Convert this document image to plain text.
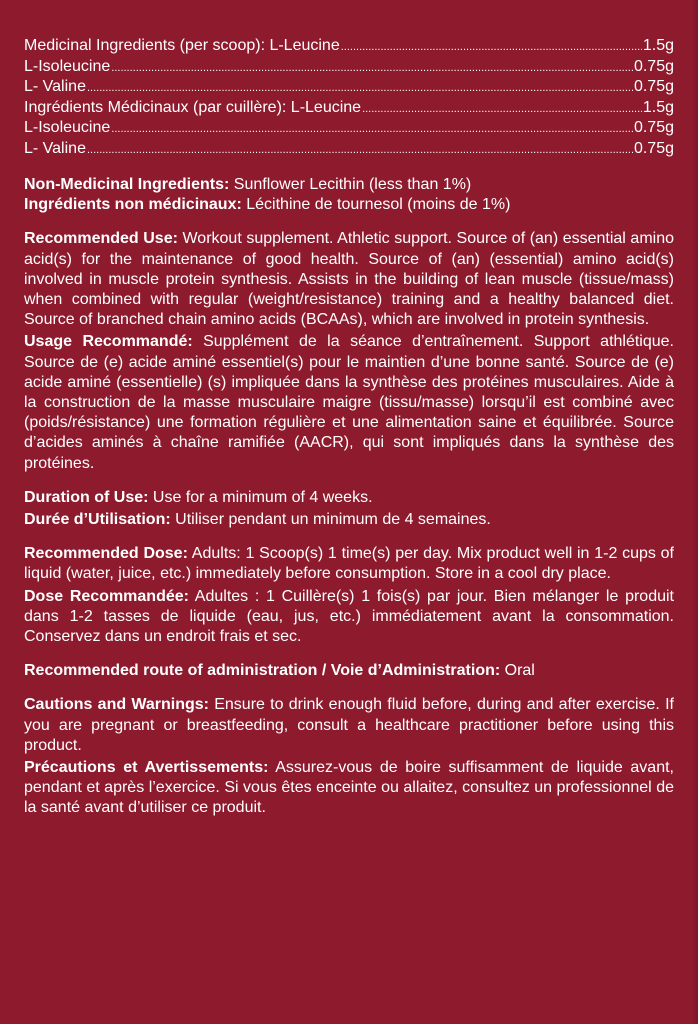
Medicinal Ingredients (per scoop): L-Leucine .....	1.5g
L-Isoleucine .....	0.75g
L- Valine .....	0.75g
Ingrédients Médicinaux (par cuillère): L-Leucine .....	1.5g
L-Isoleucine .....	0.75g
L- Valine .....	0.75g
Non-Medicinal Ingredients: Sunflower Lecithin (less than 1%)
Ingrédients non médicinaux: Lécithine de tournesol (moins de 1%)
Recommended Use: Workout supplement. Athletic support. Source of (an) essential amino acid(s) for the maintenance of good health. Source of (an) (essential) amino acid(s) involved in muscle protein synthesis. Assists in the building of lean muscle (tissue/mass) when combined with regular (weight/resistance) training and a healthy balanced diet. Source of branched chain amino acids (BCAAs), which are involved in protein synthesis.
Usage Recommandé: Supplément de la séance d’entraînement. Support athlétique. Source de (e) acide aminé essentiel(s) pour le maintien d’une bonne santé. Source de (e) acide aminé (essentielle) (s) impliquée dans la synthèse des protéines musculaires. Aide à la construction de la masse musculaire maigre (tissu/masse) lorsqu’il est combiné avec (poids/résistance) une formation régulière et une alimentation saine et équilibrée. Source d’acides aminés à chaîne ramifiée (AACR), qui sont impliqués dans la synthèse des protéines.
Duration of Use: Use for a minimum of 4 weeks.
Durée d’Utilisation: Utiliser pendant un minimum de 4 semaines.
Recommended Dose: Adults: 1 Scoop(s) 1 time(s) per day. Mix product well in 1-2 cups of liquid (water, juice, etc.) immediately before consumption. Store in a cool dry place.
Dose Recommandée: Adultes : 1 Cuillère(s) 1 fois(s) par jour. Bien mélanger le produit dans 1-2 tasses de liquide (eau, jus, etc.) immédiatement avant la consommation. Conservez dans un endroit frais et sec.
Recommended route of administration / Voie d’Administration: Oral
Cautions and Warnings: Ensure to drink enough fluid before, during and after exercise. If you are pregnant or breastfeeding, consult a healthcare practitioner before using this product.
Précautions et Avertissements: Assurez-vous de boire suffisamment de liquide avant, pendant et après l’exercice. Si vous êtes enceinte ou allaitez, consultez un professionnel de la santé avant d’utiliser ce produit.
